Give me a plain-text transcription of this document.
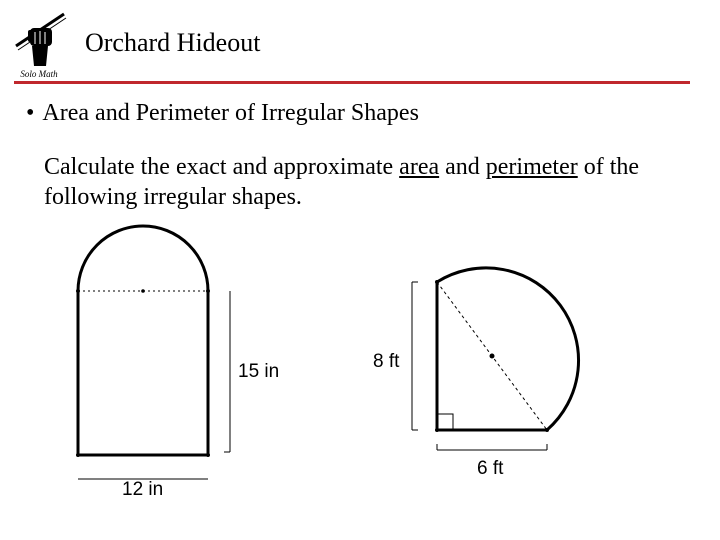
Solo Math
Orchard Hideout
• Area and Perimeter of Irregular Shapes
Calculate the exact and approximate area and perimeter of the following irregular shapes.
15 in
12 in
8 ft
6 ft
